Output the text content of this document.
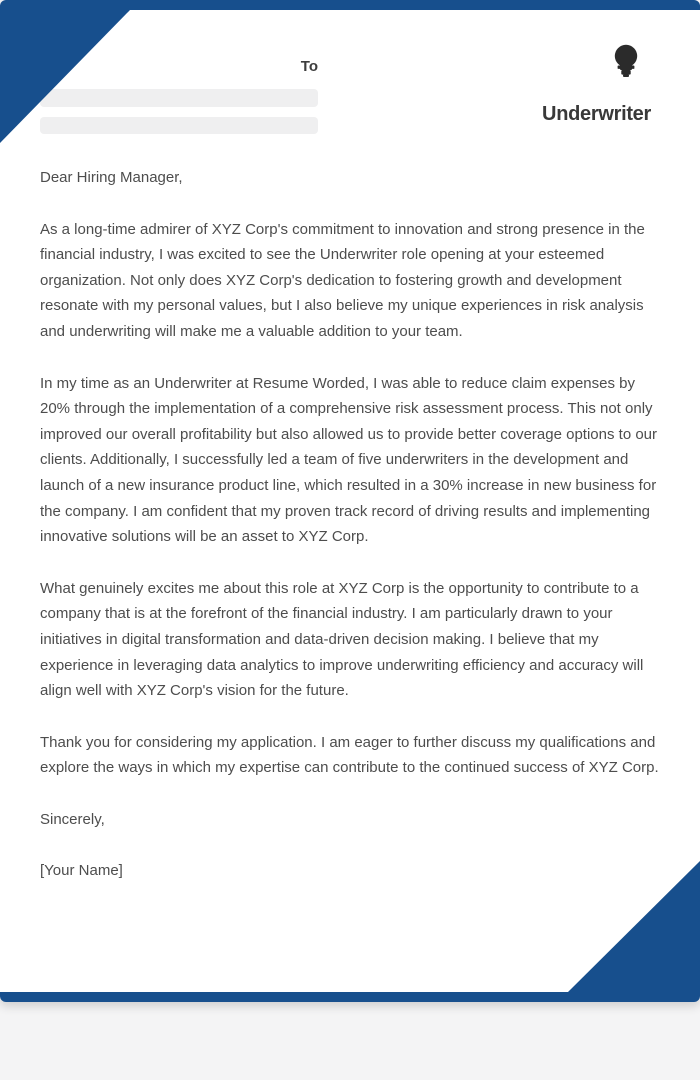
To
Underwriter

Dear Hiring Manager,

As a long-time admirer of XYZ Corp's commitment to innovation and strong presence in the financial industry, I was excited to see the Underwriter role opening at your esteemed organization. Not only does XYZ Corp's dedication to fostering growth and development resonate with my personal values, but I also believe my unique experiences in risk analysis and underwriting will make me a valuable addition to your team.

In my time as an Underwriter at Resume Worded, I was able to reduce claim expenses by 20% through the implementation of a comprehensive risk assessment process. This not only improved our overall profitability but also allowed us to provide better coverage options to our clients. Additionally, I successfully led a team of five underwriters in the development and launch of a new insurance product line, which resulted in a 30% increase in new business for the company. I am confident that my proven track record of driving results and implementing innovative solutions will be an asset to XYZ Corp.

What genuinely excites me about this role at XYZ Corp is the opportunity to contribute to a company that is at the forefront of the financial industry. I am particularly drawn to your initiatives in digital transformation and data-driven decision making. I believe that my experience in leveraging data analytics to improve underwriting efficiency and accuracy will align well with XYZ Corp's vision for the future.

Thank you for considering my application. I am eager to further discuss my qualifications and explore the ways in which my expertise can contribute to the continued success of XYZ Corp.

Sincerely,

[Your Name]
